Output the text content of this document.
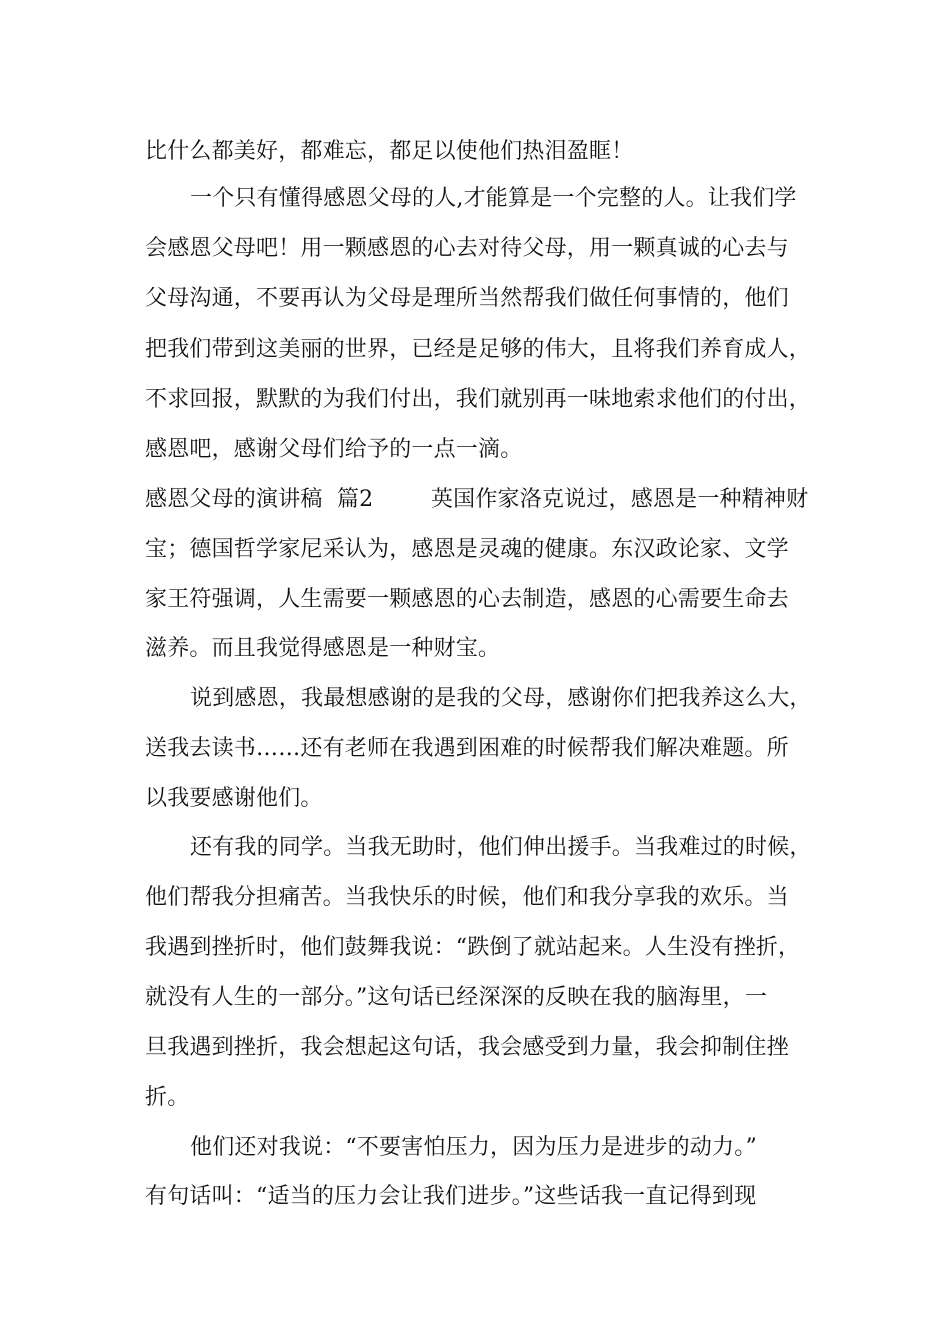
比什么都美好，都难忘，都足以使他们热泪盈眶！
一个只有懂得感恩父母的人,才能算是一个完整的人。让我们学
会感恩父母吧！用一颗感恩的心去对待父母，用一颗真诚的心去与
父母沟通，不要再认为父母是理所当然帮我们做任何事情的，他们
把我们带到这美丽的世界，已经是足够的伟大，且将我们养育成人，
不求回报，默默的为我们付出，我们就别再一味地索求他们的付出，
感恩吧，感谢父母们给予的一点一滴。
感恩父母的演讲稿  篇2        英国作家洛克说过，感恩是一种精神财
宝；德国哲学家尼采认为，感恩是灵魂的健康。东汉政论家、文学
家王符强调，人生需要一颗感恩的心去制造，感恩的心需要生命去
滋养。而且我觉得感恩是一种财宝。
说到感恩，我最想感谢的是我的父母，感谢你们把我养这么大，
送我去读书……还有老师在我遇到困难的时候帮我们解决难题。所
以我要感谢他们。
还有我的同学。当我无助时，他们伸出援手。当我难过的时候，
他们帮我分担痛苦。当我快乐的时候，他们和我分享我的欢乐。当
我遇到挫折时，他们鼓舞我说：“跌倒了就站起来。人生没有挫折，
就没有人生的一部分。”这句话已经深深的反映在我的脑海里，一
旦我遇到挫折，我会想起这句话，我会感受到力量，我会抑制住挫
折。
他们还对我说：“不要害怕压力，因为压力是进步的动力。”
有句话叫：“适当的压力会让我们进步。”这些话我一直记得到现
